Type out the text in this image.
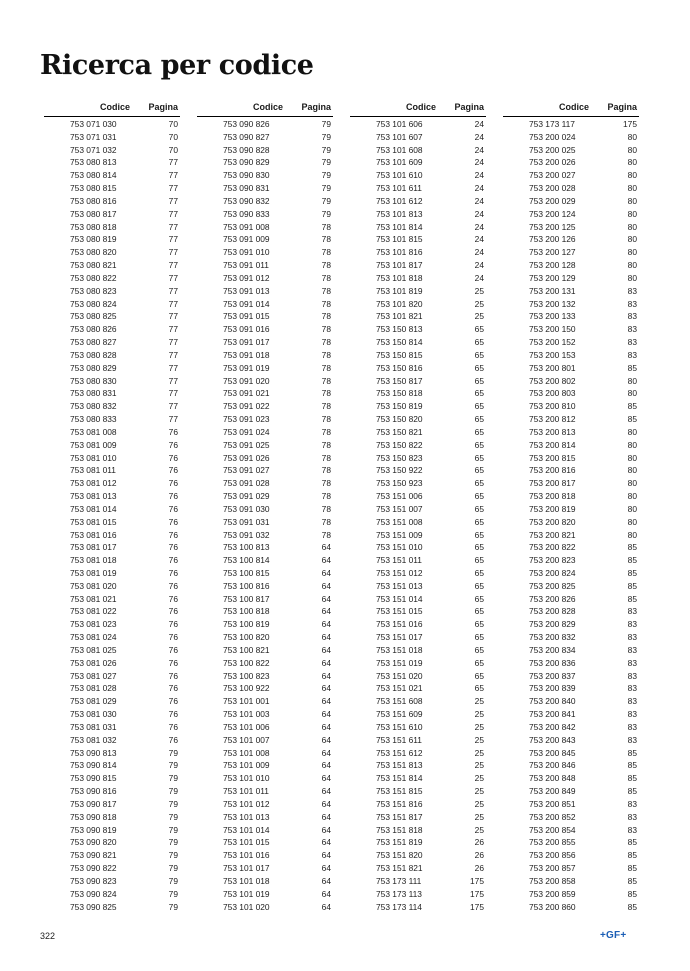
Ricerca per codice
Codice	Pagina
753 071 030	70
753 071 031	70
753 071 032	70
753 080 813	77
753 080 814	77
753 080 815	77
753 080 816	77
753 080 817	77
753 080 818	77
753 080 819	77
753 080 820	77
753 080 821	77
753 080 822	77
753 080 823	77
753 080 824	77
753 080 825	77
753 080 826	77
753 080 827	77
753 080 828	77
753 080 829	77
753 080 830	77
753 080 831	77
753 080 832	77
753 080 833	77
753 081 008	76
753 081 009	76
753 081 010	76
753 081 011	76
753 081 012	76
753 081 013	76
753 081 014	76
753 081 015	76
753 081 016	76
753 081 017	76
753 081 018	76
753 081 019	76
753 081 020	76
753 081 021	76
753 081 022	76
753 081 023	76
753 081 024	76
753 081 025	76
753 081 026	76
753 081 027	76
753 081 028	76
753 081 029	76
753 081 030	76
753 081 031	76
753 081 032	76
753 090 813	79
753 090 814	79
753 090 815	79
753 090 816	79
753 090 817	79
753 090 818	79
753 090 819	79
753 090 820	79
753 090 821	79
753 090 822	79
753 090 823	79
753 090 824	79
753 090 825	79
Codice	Pagina
753 090 826	79
753 090 827	79
753 090 828	79
753 090 829	79
753 090 830	79
753 090 831	79
753 090 832	79
753 090 833	79
753 091 008	78
753 091 009	78
753 091 010	78
753 091 011	78
753 091 012	78
753 091 013	78
753 091 014	78
753 091 015	78
753 091 016	78
753 091 017	78
753 091 018	78
753 091 019	78
753 091 020	78
753 091 021	78
753 091 022	78
753 091 023	78
753 091 024	78
753 091 025	78
753 091 026	78
753 091 027	78
753 091 028	78
753 091 029	78
753 091 030	78
753 091 031	78
753 091 032	78
753 100 813	64
753 100 814	64
753 100 815	64
753 100 816	64
753 100 817	64
753 100 818	64
753 100 819	64
753 100 820	64
753 100 821	64
753 100 822	64
753 100 823	64
753 100 922	64
753 101 001	64
753 101 003	64
753 101 006	64
753 101 007	64
753 101 008	64
753 101 009	64
753 101 010	64
753 101 011	64
753 101 012	64
753 101 013	64
753 101 014	64
753 101 015	64
753 101 016	64
753 101 017	64
753 101 018	64
753 101 019	64
753 101 020	64
Codice	Pagina
753 101 606	24
753 101 607	24
753 101 608	24
753 101 609	24
753 101 610	24
753 101 611	24
753 101 612	24
753 101 813	24
753 101 814	24
753 101 815	24
753 101 816	24
753 101 817	24
753 101 818	24
753 101 819	25
753 101 820	25
753 101 821	25
753 150 813	65
753 150 814	65
753 150 815	65
753 150 816	65
753 150 817	65
753 150 818	65
753 150 819	65
753 150 820	65
753 150 821	65
753 150 822	65
753 150 823	65
753 150 922	65
753 150 923	65
753 151 006	65
753 151 007	65
753 151 008	65
753 151 009	65
753 151 010	65
753 151 011	65
753 151 012	65
753 151 013	65
753 151 014	65
753 151 015	65
753 151 016	65
753 151 017	65
753 151 018	65
753 151 019	65
753 151 020	65
753 151 021	65
753 151 608	25
753 151 609	25
753 151 610	25
753 151 611	25
753 151 612	25
753 151 813	25
753 151 814	25
753 151 815	25
753 151 816	25
753 151 817	25
753 151 818	25
753 151 819	26
753 151 820	26
753 151 821	26
753 173 111	175
753 173 113	175
753 173 114	175
Codice	Pagina
753 173 117	175
753 200 024	80
753 200 025	80
753 200 026	80
753 200 027	80
753 200 028	80
753 200 029	80
753 200 124	80
753 200 125	80
753 200 126	80
753 200 127	80
753 200 128	80
753 200 129	80
753 200 131	83
753 200 132	83
753 200 133	83
753 200 150	83
753 200 152	83
753 200 153	83
753 200 801	85
753 200 802	80
753 200 803	80
753 200 810	85
753 200 812	85
753 200 813	80
753 200 814	80
753 200 815	80
753 200 816	80
753 200 817	80
753 200 818	80
753 200 819	80
753 200 820	80
753 200 821	80
753 200 822	85
753 200 823	85
753 200 824	85
753 200 825	85
753 200 826	85
753 200 828	83
753 200 829	83
753 200 832	83
753 200 834	83
753 200 836	83
753 200 837	83
753 200 839	83
753 200 840	83
753 200 841	83
753 200 842	83
753 200 843	83
753 200 845	85
753 200 846	85
753 200 848	85
753 200 849	85
753 200 851	83
753 200 852	83
753 200 854	83
753 200 855	85
753 200 856	85
753 200 857	85
753 200 858	85
753 200 859	85
753 200 860	85
322	+GF+
